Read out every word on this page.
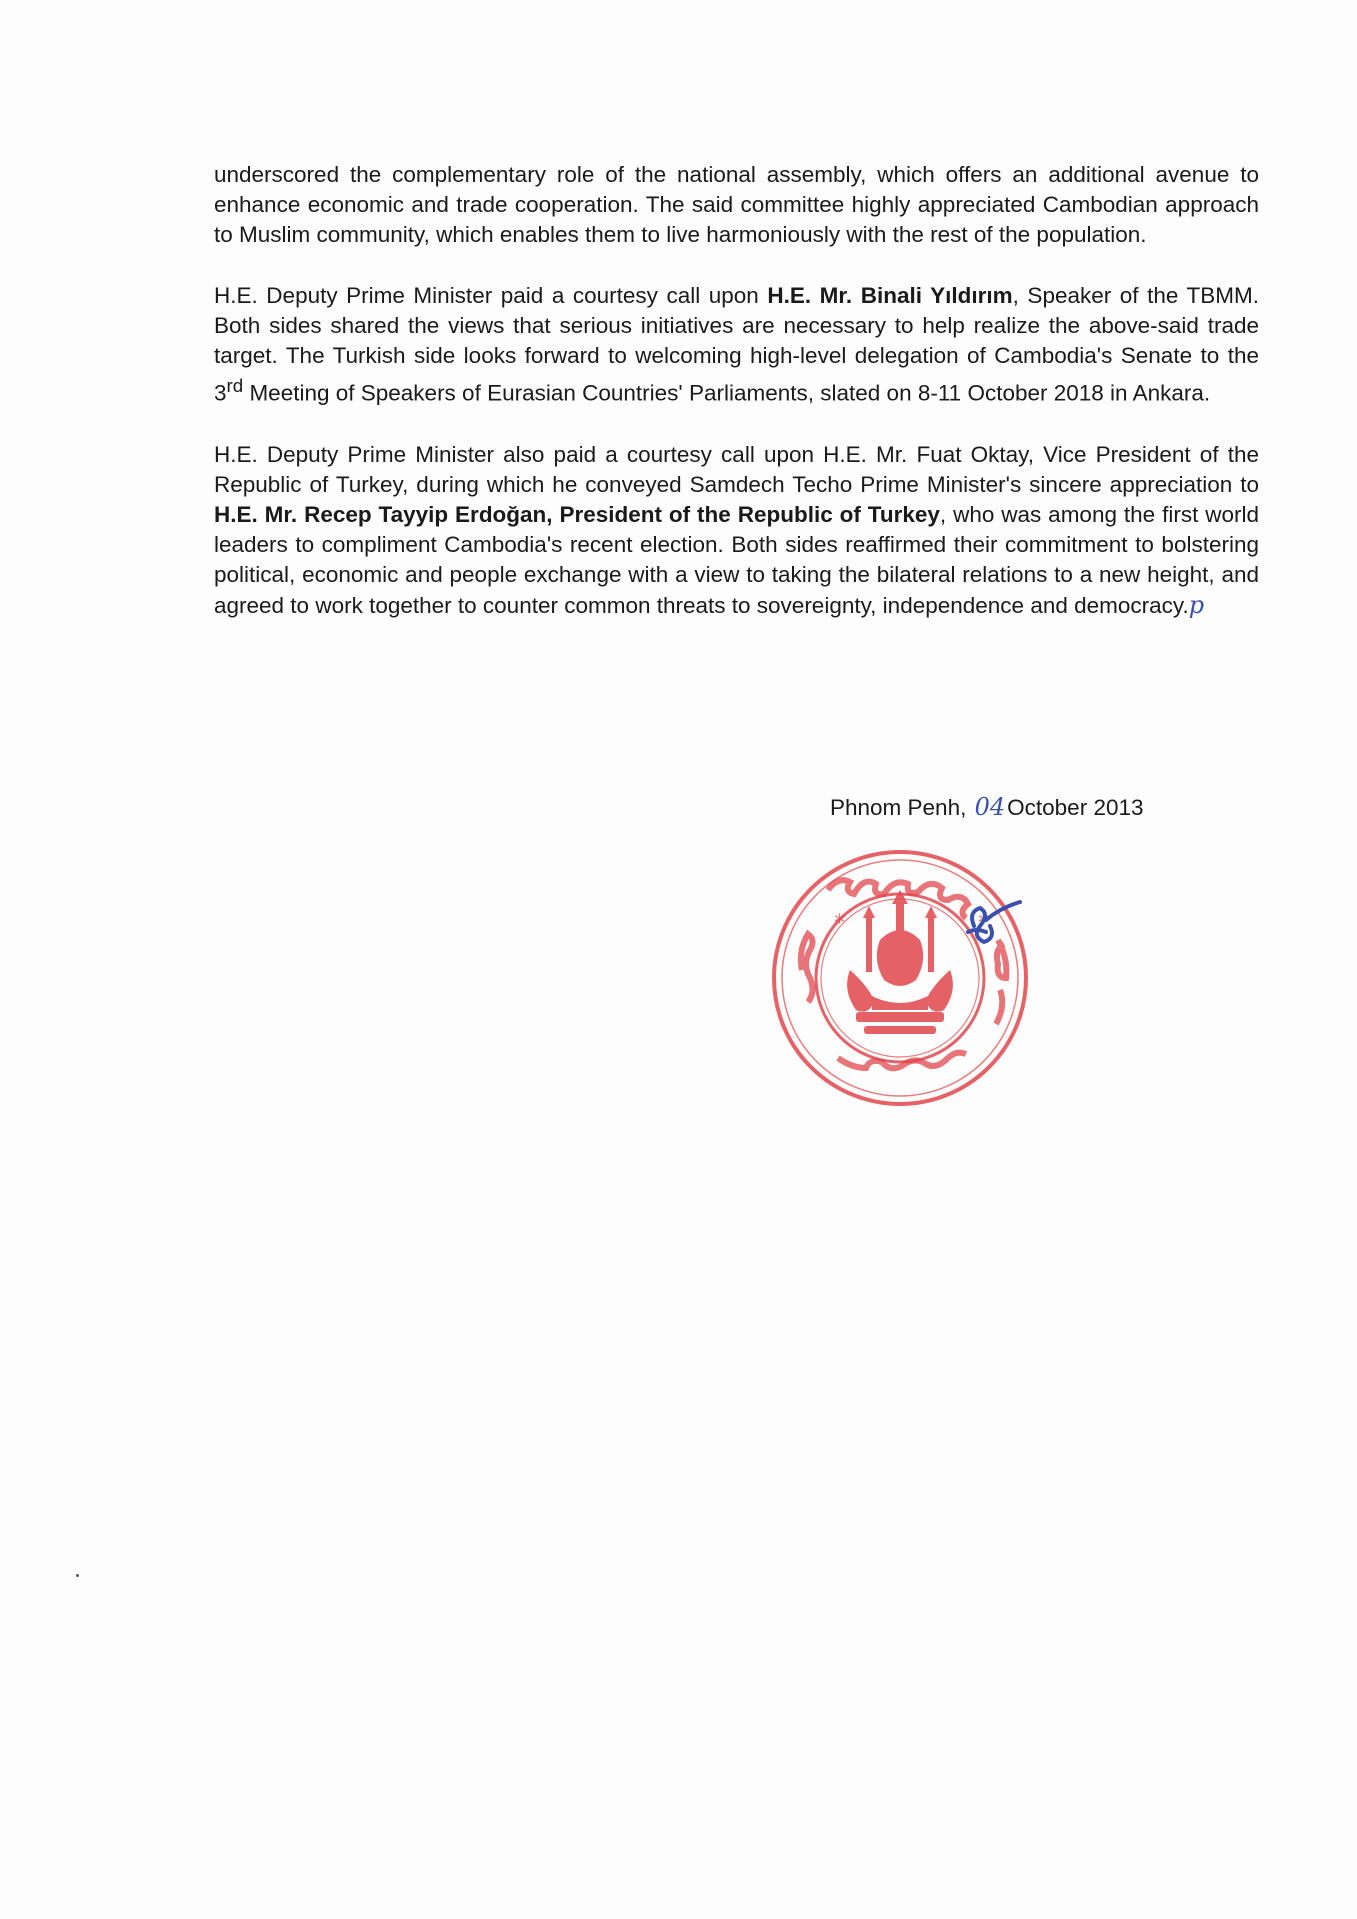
underscored the complementary role of the national assembly, which offers an additional avenue to enhance economic and trade cooperation. The said committee highly appreciated Cambodian approach to Muslim community, which enables them to live harmoniously with the rest of the population.

H.E. Deputy Prime Minister paid a courtesy call upon H.E. Mr. Binali Yıldırım, Speaker of the TBMM. Both sides shared the views that serious initiatives are necessary to help realize the above-said trade target. The Turkish side looks forward to welcoming high-level delegation of Cambodia's Senate to the 3rd Meeting of Speakers of Eurasian Countries' Parliaments, slated on 8-11 October 2018 in Ankara.

H.E. Deputy Prime Minister also paid a courtesy call upon H.E. Mr. Fuat Oktay, Vice President of the Republic of Turkey, during which he conveyed Samdech Techo Prime Minister's sincere appreciation to H.E. Mr. Recep Tayyip Erdoğan, President of the Republic of Turkey, who was among the first world leaders to compliment Cambodia's recent election. Both sides reaffirmed their commitment to bolstering political, economic and people exchange with a view to taking the bilateral relations to a new height, and agreed to work together to counter common threats to sovereignty, independence and democracy.p

Phnom Penh, 04October 2013
*	*
